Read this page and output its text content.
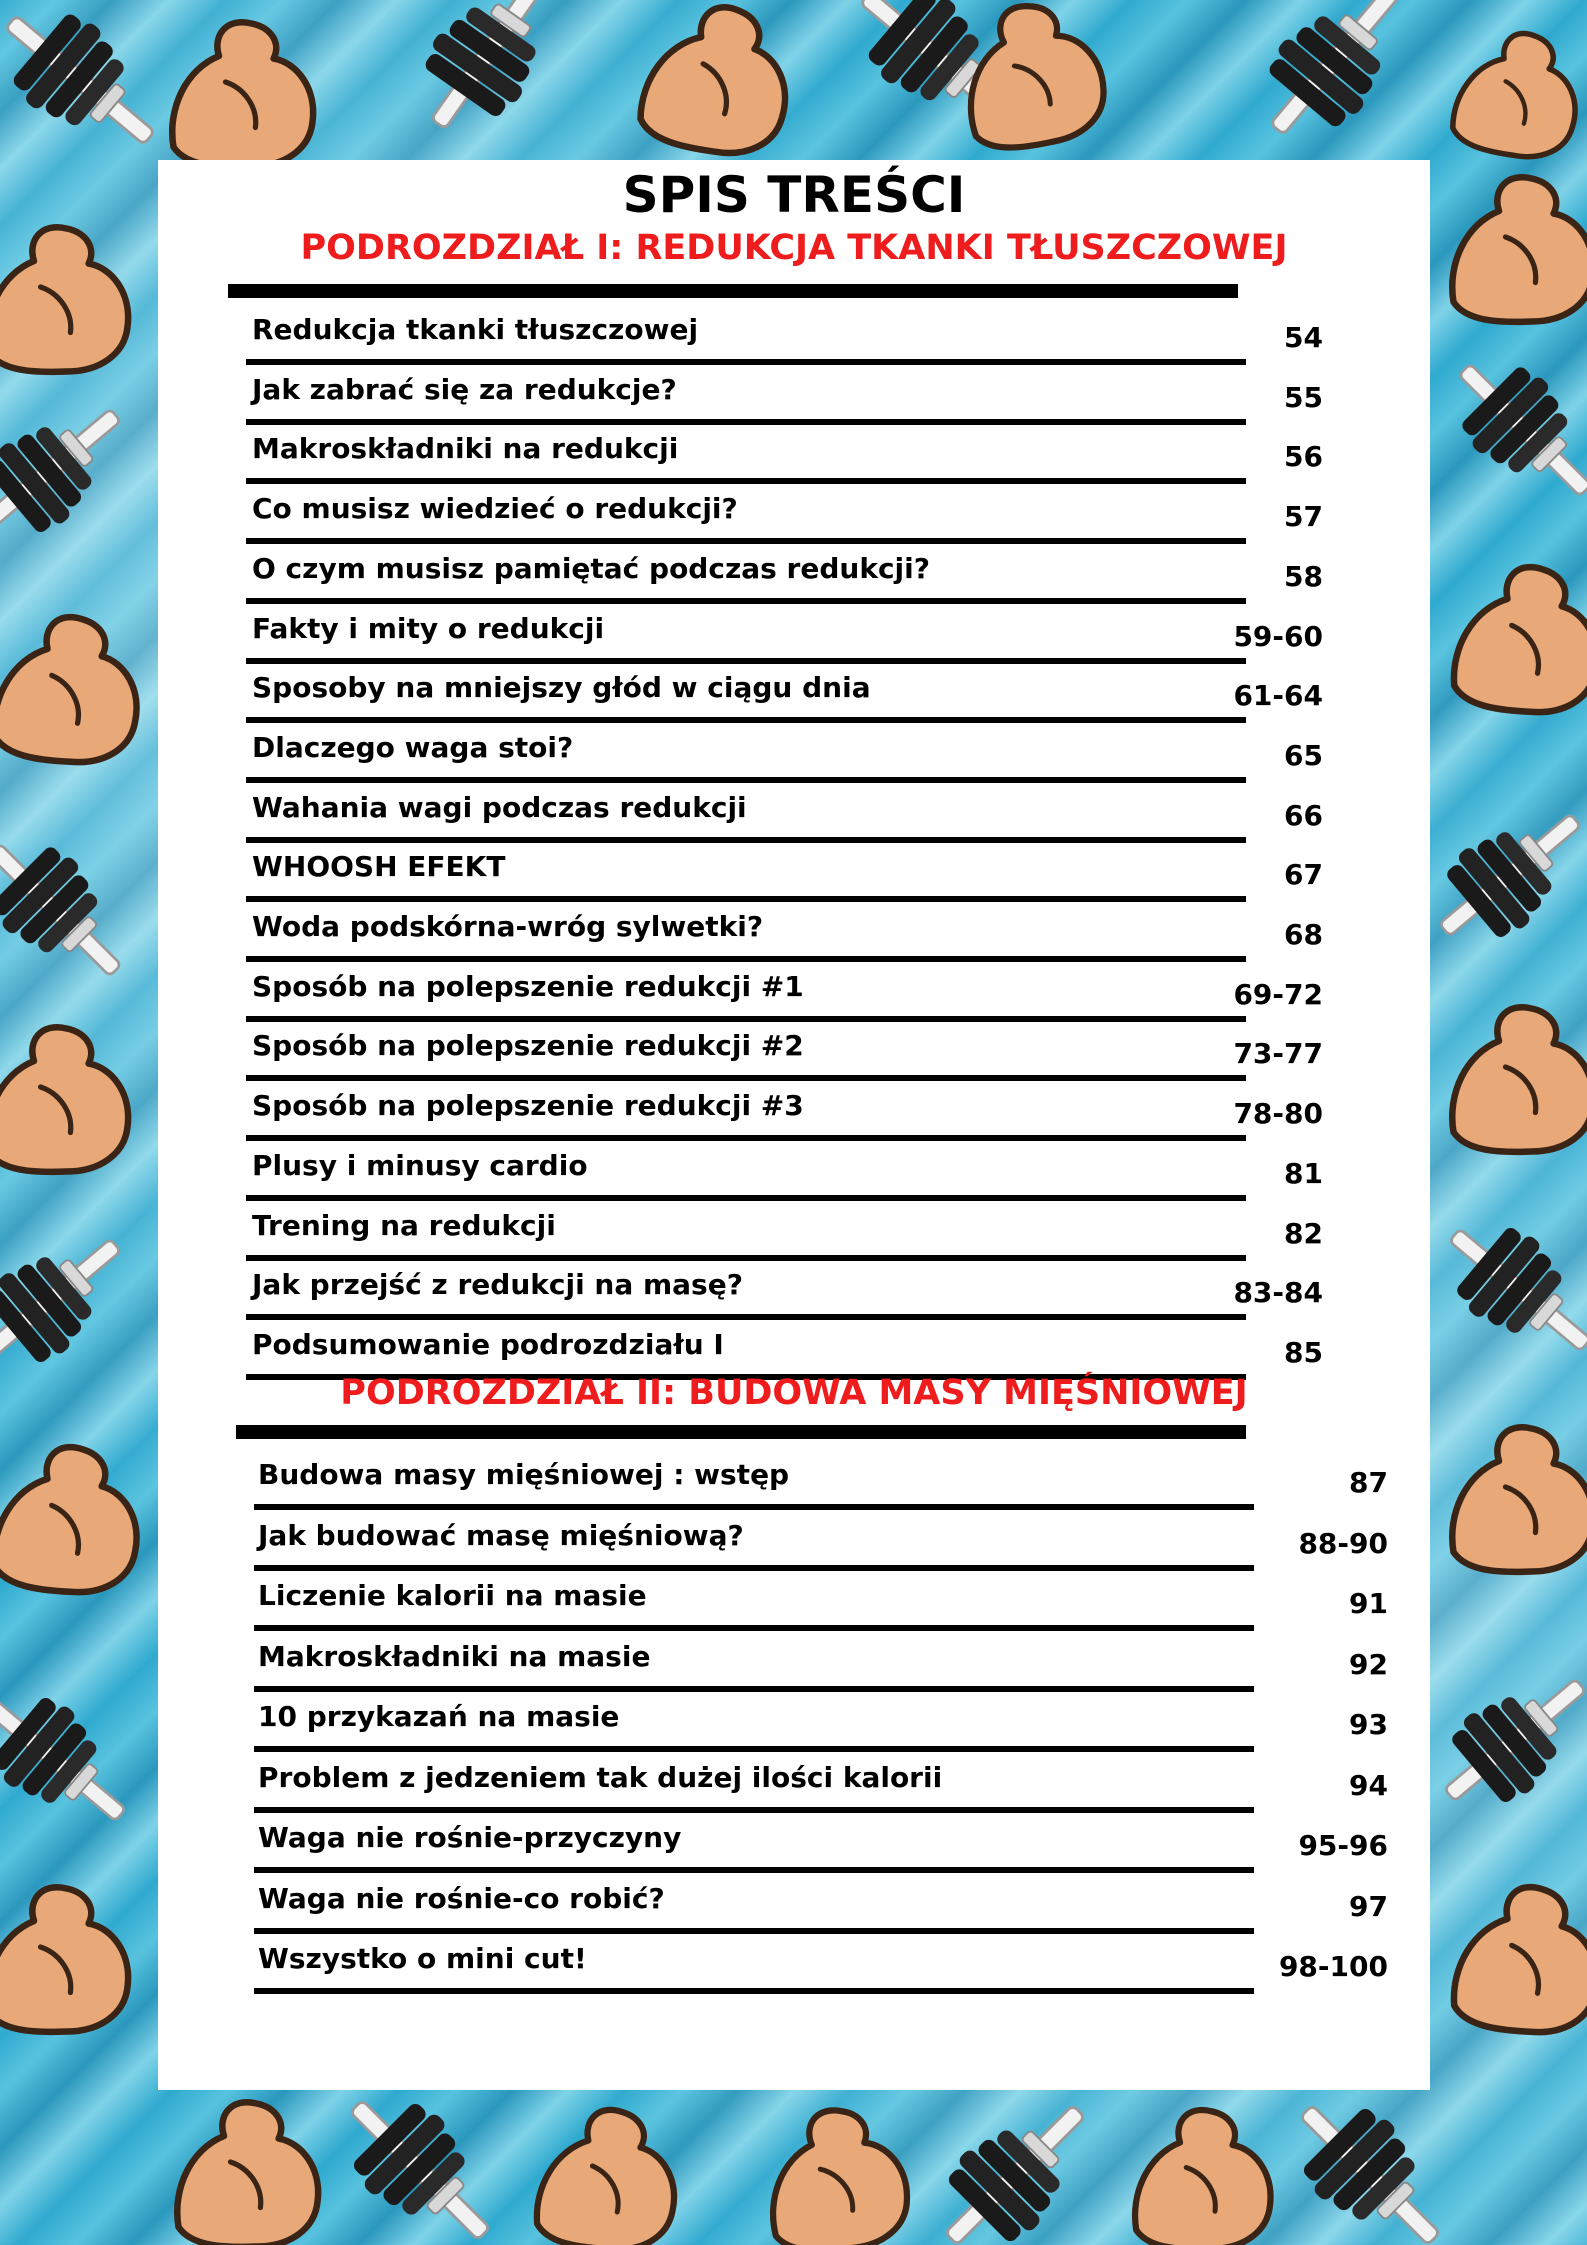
SPIS TREŚCI
PODROZDZIAŁ I: REDUKCJA TKANKI TŁUSZCZOWEJ
Redukcja tkanki tłuszczowej	54
Jak zabrać się za redukcje?	55
Makroskładniki na redukcji	56
Co musisz wiedzieć o redukcji?	57
O czym musisz pamiętać podczas redukcji?	58
Fakty i mity o redukcji	59-60
Sposoby na mniejszy głód w ciągu dnia	61-64
Dlaczego waga stoi?	65
Wahania wagi podczas redukcji	66
WHOOSH EFEKT	67
Woda podskórna-wróg sylwetki?	68
Sposób na polepszenie redukcji #1	69-72
Sposób na polepszenie redukcji #2	73-77
Sposób na polepszenie redukcji #3	78-80
Plusy i minusy cardio	81
Trening na redukcji	82
Jak przejść z redukcji na masę?	83-84
Podsumowanie podrozdziału I	85
PODROZDZIAŁ II: BUDOWA MASY MIĘŚNIOWEJ
Budowa masy mięśniowej : wstęp	87
Jak budować masę mięśniową?	88-90
Liczenie kalorii na masie	91
Makroskładniki na masie	92
10 przykazań na masie	93
Problem z jedzeniem tak dużej ilości kalorii	94
Waga nie rośnie-przyczyny	95-96
Waga nie rośnie-co robić?	97
Wszystko o mini cut!	98-100
